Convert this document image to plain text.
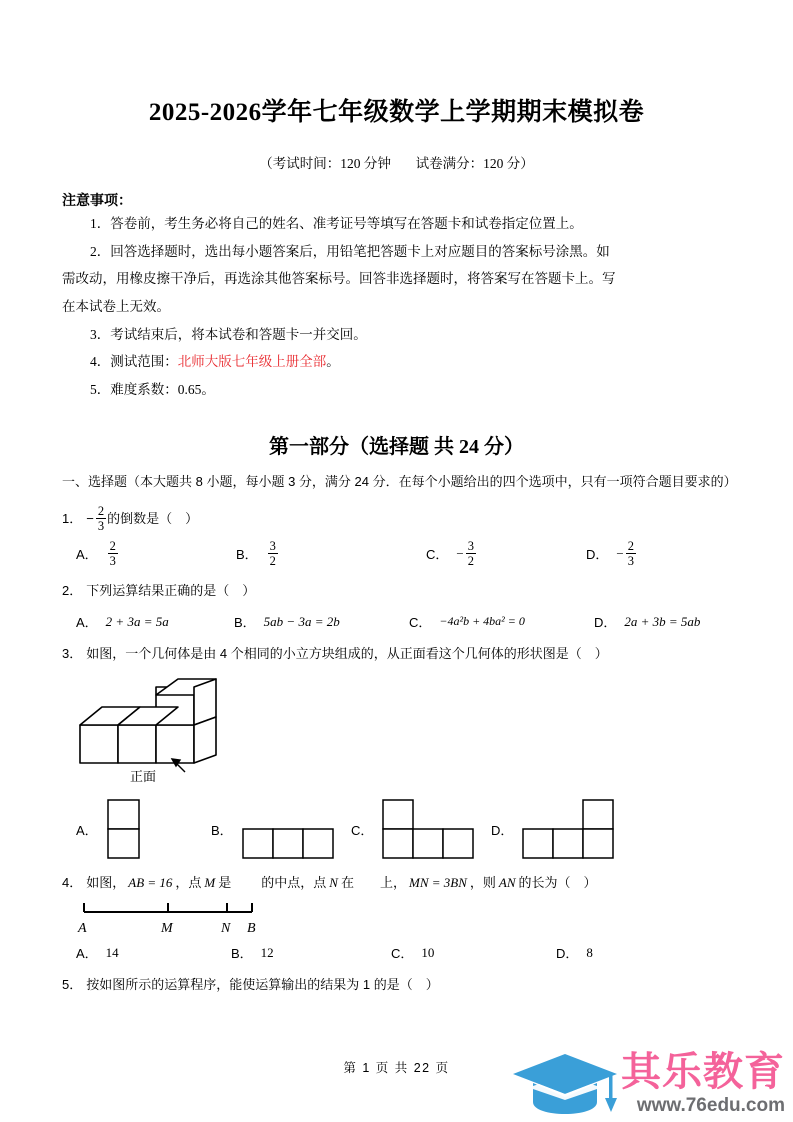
2025-2026学年七年级数学上学期期末模拟卷
（考试时间：120 分钟 试卷满分：120 分）
注意事项：
1．答卷前，考生务必将自己的姓名、准考证号等填写在答题卡和试卷指定位置上。
2．回答选择题时，选出每小题答案后，用铅笔把答题卡上对应题目的答案标号涂黑。如
需改动，用橡皮擦干净后，再选涂其他答案标号。回答非选择题时，将答案写在答题卡上。写
在本试卷上无效。
3．考试结束后，将本试卷和答题卡一并交回。
4．测试范围：北师大版七年级上册全部。
5．难度系数：0.65。
第一部分（选择题 共 24 分）
一、选择题（本大题共 8 小题，每小题 3 分，满分 24 分．在每个小题给出的四个选项中，只有一项符合题目要求的）
1． − $\frac{2}{3}$ 的倒数是（　）
A． $\frac{2}{3}$	B． $\frac{3}{2}$	C． − $\frac{3}{2}$	D． − $\frac{2}{3}$
2． 下列运算结果正确的是（　）
A． 2 + 3a = 5a	B． 5ab − 3a = 2b	C． −4a²b + 4ba² = 0	D． 2a + 3b = 5ab
3． 如图，一个几何体是由 4 个相同的小立方块组成的，从正面看这个几何体的形状图是（　）
正面
A．	B．	C．	D．
4． 如图， AB = 16 ，点 M 是 的中点，点 N 在 上， MN = 3BN ，则 AN 的长为（　）
A	M	N B
A． 14	B． 12	C． 10	D． 8
5． 按如图所示的运算程序，能使运算输出的结果为 1 的是（　）
第 1 页 共 22 页	其乐教育
www.76edu.com
